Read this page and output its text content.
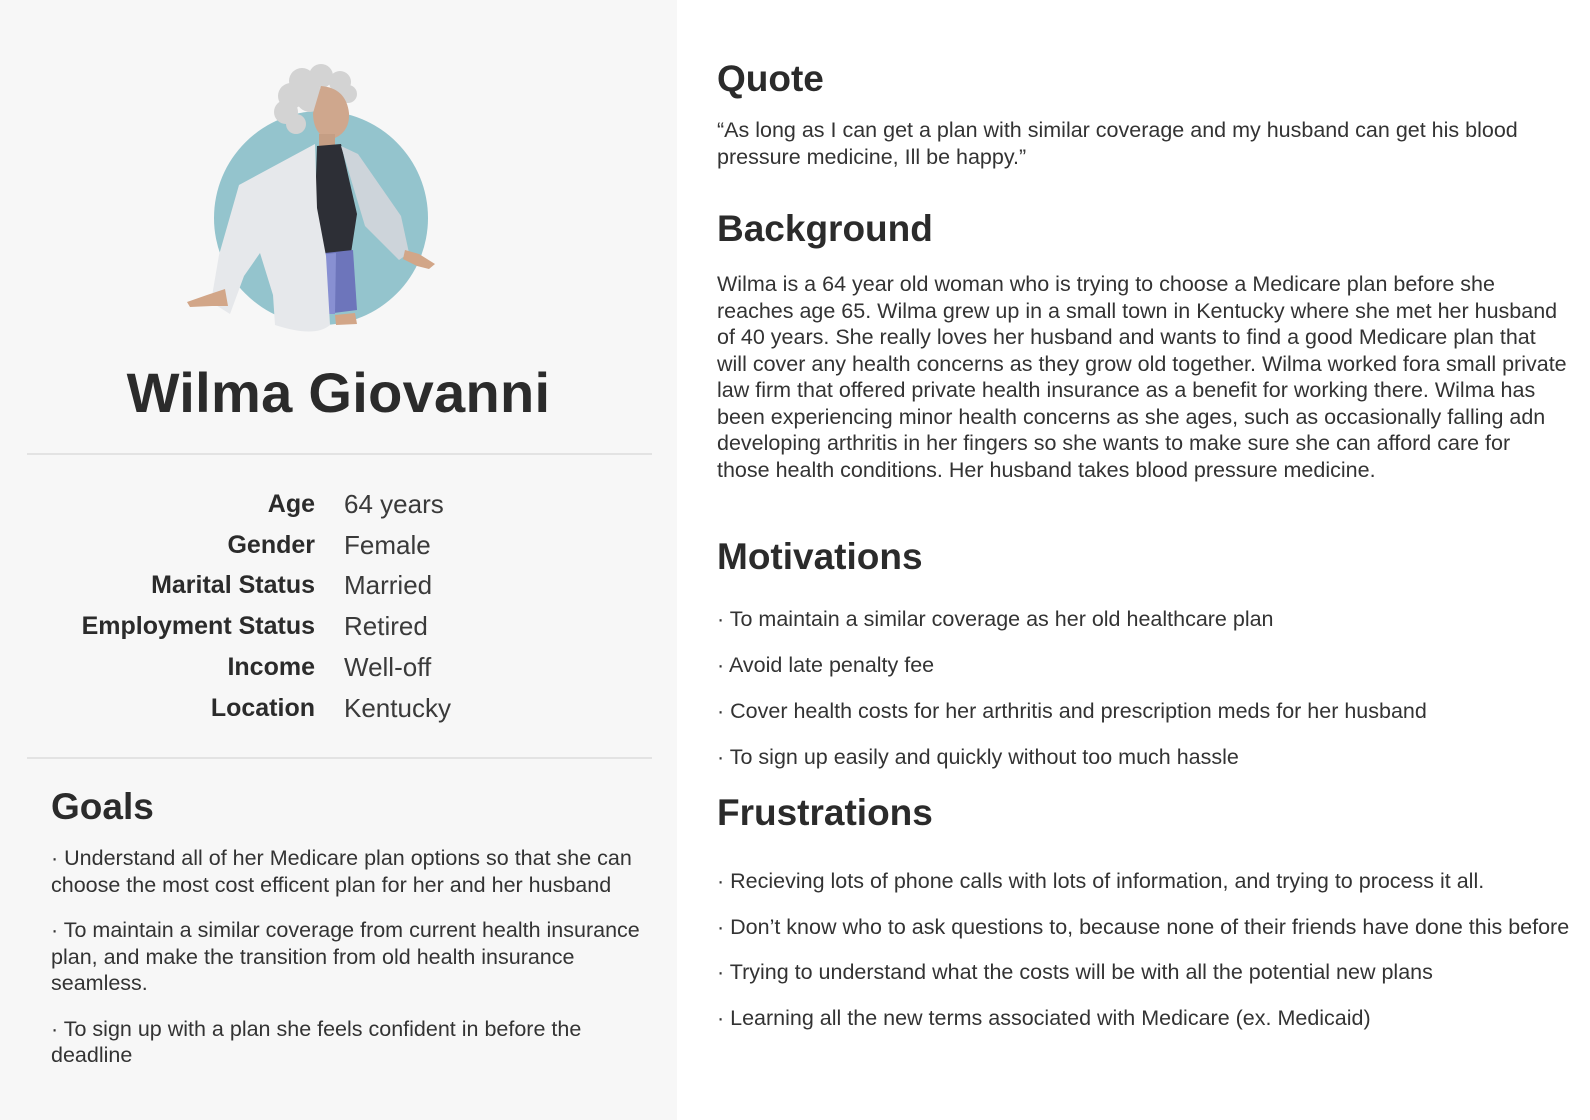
Wilma Giovanni
Age 64 years
Gender Female
Marital Status Married
Employment Status Retired
Income Well-off
Location Kentucky
Goals
· Understand all of her Medicare plan options so that she can choose the most cost efficent plan for her and her husband
· To maintain a similar coverage from current health insurance plan, and make the transition from old health insurance seamless.
· To sign up with a plan she feels confident in before the deadline
Quote
“As long as I can get a plan with similar coverage and my husband can get his blood pressure medicine, Ill be happy.”
Background
Wilma is a 64 year old woman who is trying to choose a Medicare plan before she reaches age 65. Wilma grew up in a small town in Kentucky where she met her husband of 40 years. She really loves her husband and wants to find a good Medicare plan that will cover any health concerns as they grow old together. Wilma worked fora small private law firm that offered private health insurance as a benefit for working there. Wilma has been experiencing minor health concerns as she ages, such as occasionally falling adn developing arthritis in her fingers so she wants to make sure she can afford care for those health conditions. Her husband takes blood pressure medicine.
Motivations
· To maintain a similar coverage as her old healthcare plan
· Avoid late penalty fee
· Cover health costs for her arthritis and prescription meds for her husband
· To sign up easily and quickly without too much hassle
Frustrations
· Recieving lots of phone calls with lots of information, and trying to process it all.
· Don’t know who to ask questions to, because none of their friends have done this before
· Trying to understand what the costs will be with all the potential new plans
· Learning all the new terms associated with Medicare (ex. Medicaid)
